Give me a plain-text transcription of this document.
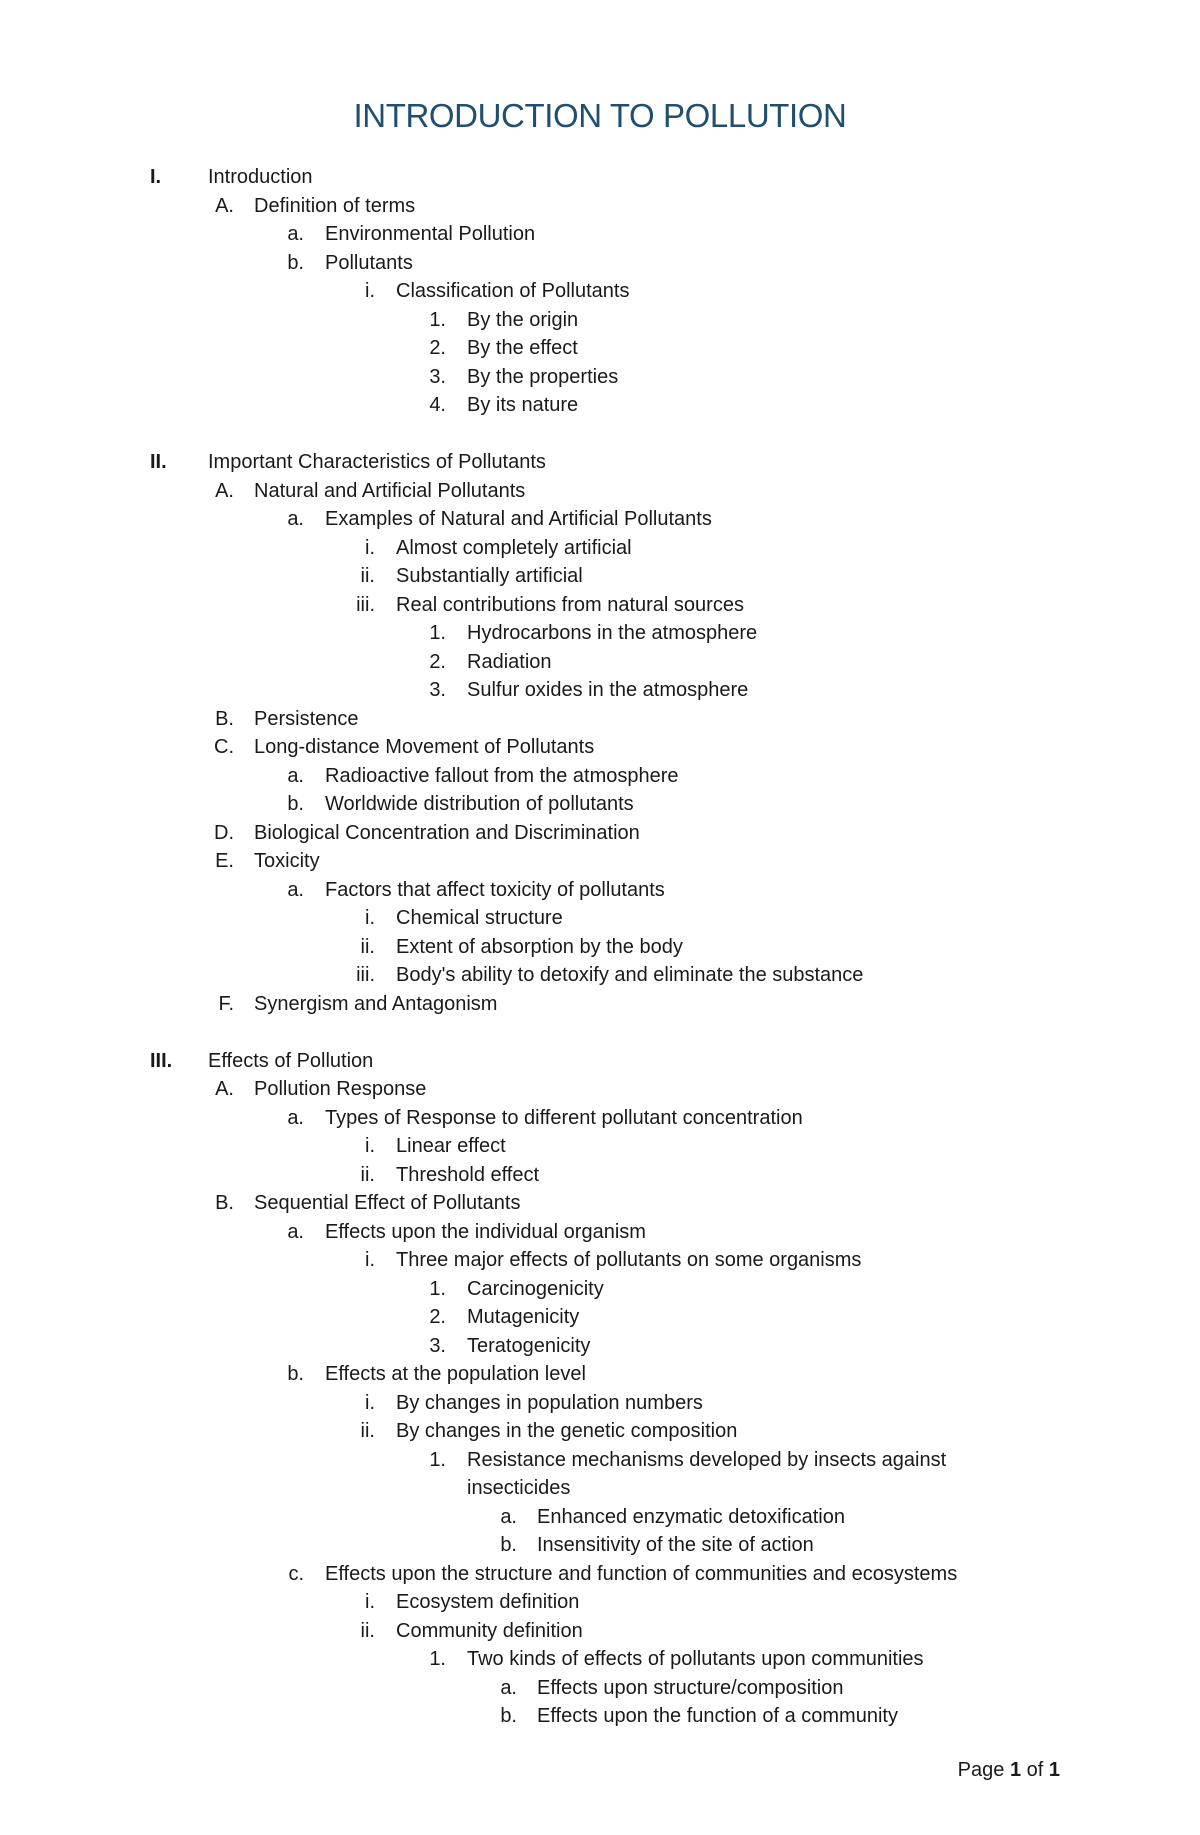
INTRODUCTION TO POLLUTION
I.	Introduction
A. Definition of terms
a. Environmental Pollution
b. Pollutants
i. Classification of Pollutants
1. By the origin
2. By the effect
3. By the properties
4. By its nature
II.	Important Characteristics of Pollutants
A. Natural and Artificial Pollutants
a. Examples of Natural and Artificial Pollutants
i. Almost completely artificial
ii. Substantially artificial
iii. Real contributions from natural sources
1. Hydrocarbons in the atmosphere
2. Radiation
3. Sulfur oxides in the atmosphere
B. Persistence
C. Long-distance Movement of Pollutants
a. Radioactive fallout from the atmosphere
b. Worldwide distribution of pollutants
D. Biological Concentration and Discrimination
E. Toxicity
a. Factors that affect toxicity of pollutants
i. Chemical structure
ii. Extent of absorption by the body
iii. Body's ability to detoxify and eliminate the substance
F. Synergism and Antagonism
III.	Effects of Pollution
A. Pollution Response
a. Types of Response to different pollutant concentration
i. Linear effect
ii. Threshold effect
B. Sequential Effect of Pollutants
a. Effects upon the individual organism
i. Three major effects of pollutants on some organisms
1. Carcinogenicity
2. Mutagenicity
3. Teratogenicity
b. Effects at the population level
i. By changes in population numbers
ii. By changes in the genetic composition
1. Resistance mechanisms developed by insects against
insecticides
a. Enhanced enzymatic detoxification
b. Insensitivity of the site of action
c. Effects upon the structure and function of communities and ecosystems
i. Ecosystem definition
ii. Community definition
1. Two kinds of effects of pollutants upon communities
a. Effects upon structure/composition
b. Effects upon the function of a community
Page 1 of 1
